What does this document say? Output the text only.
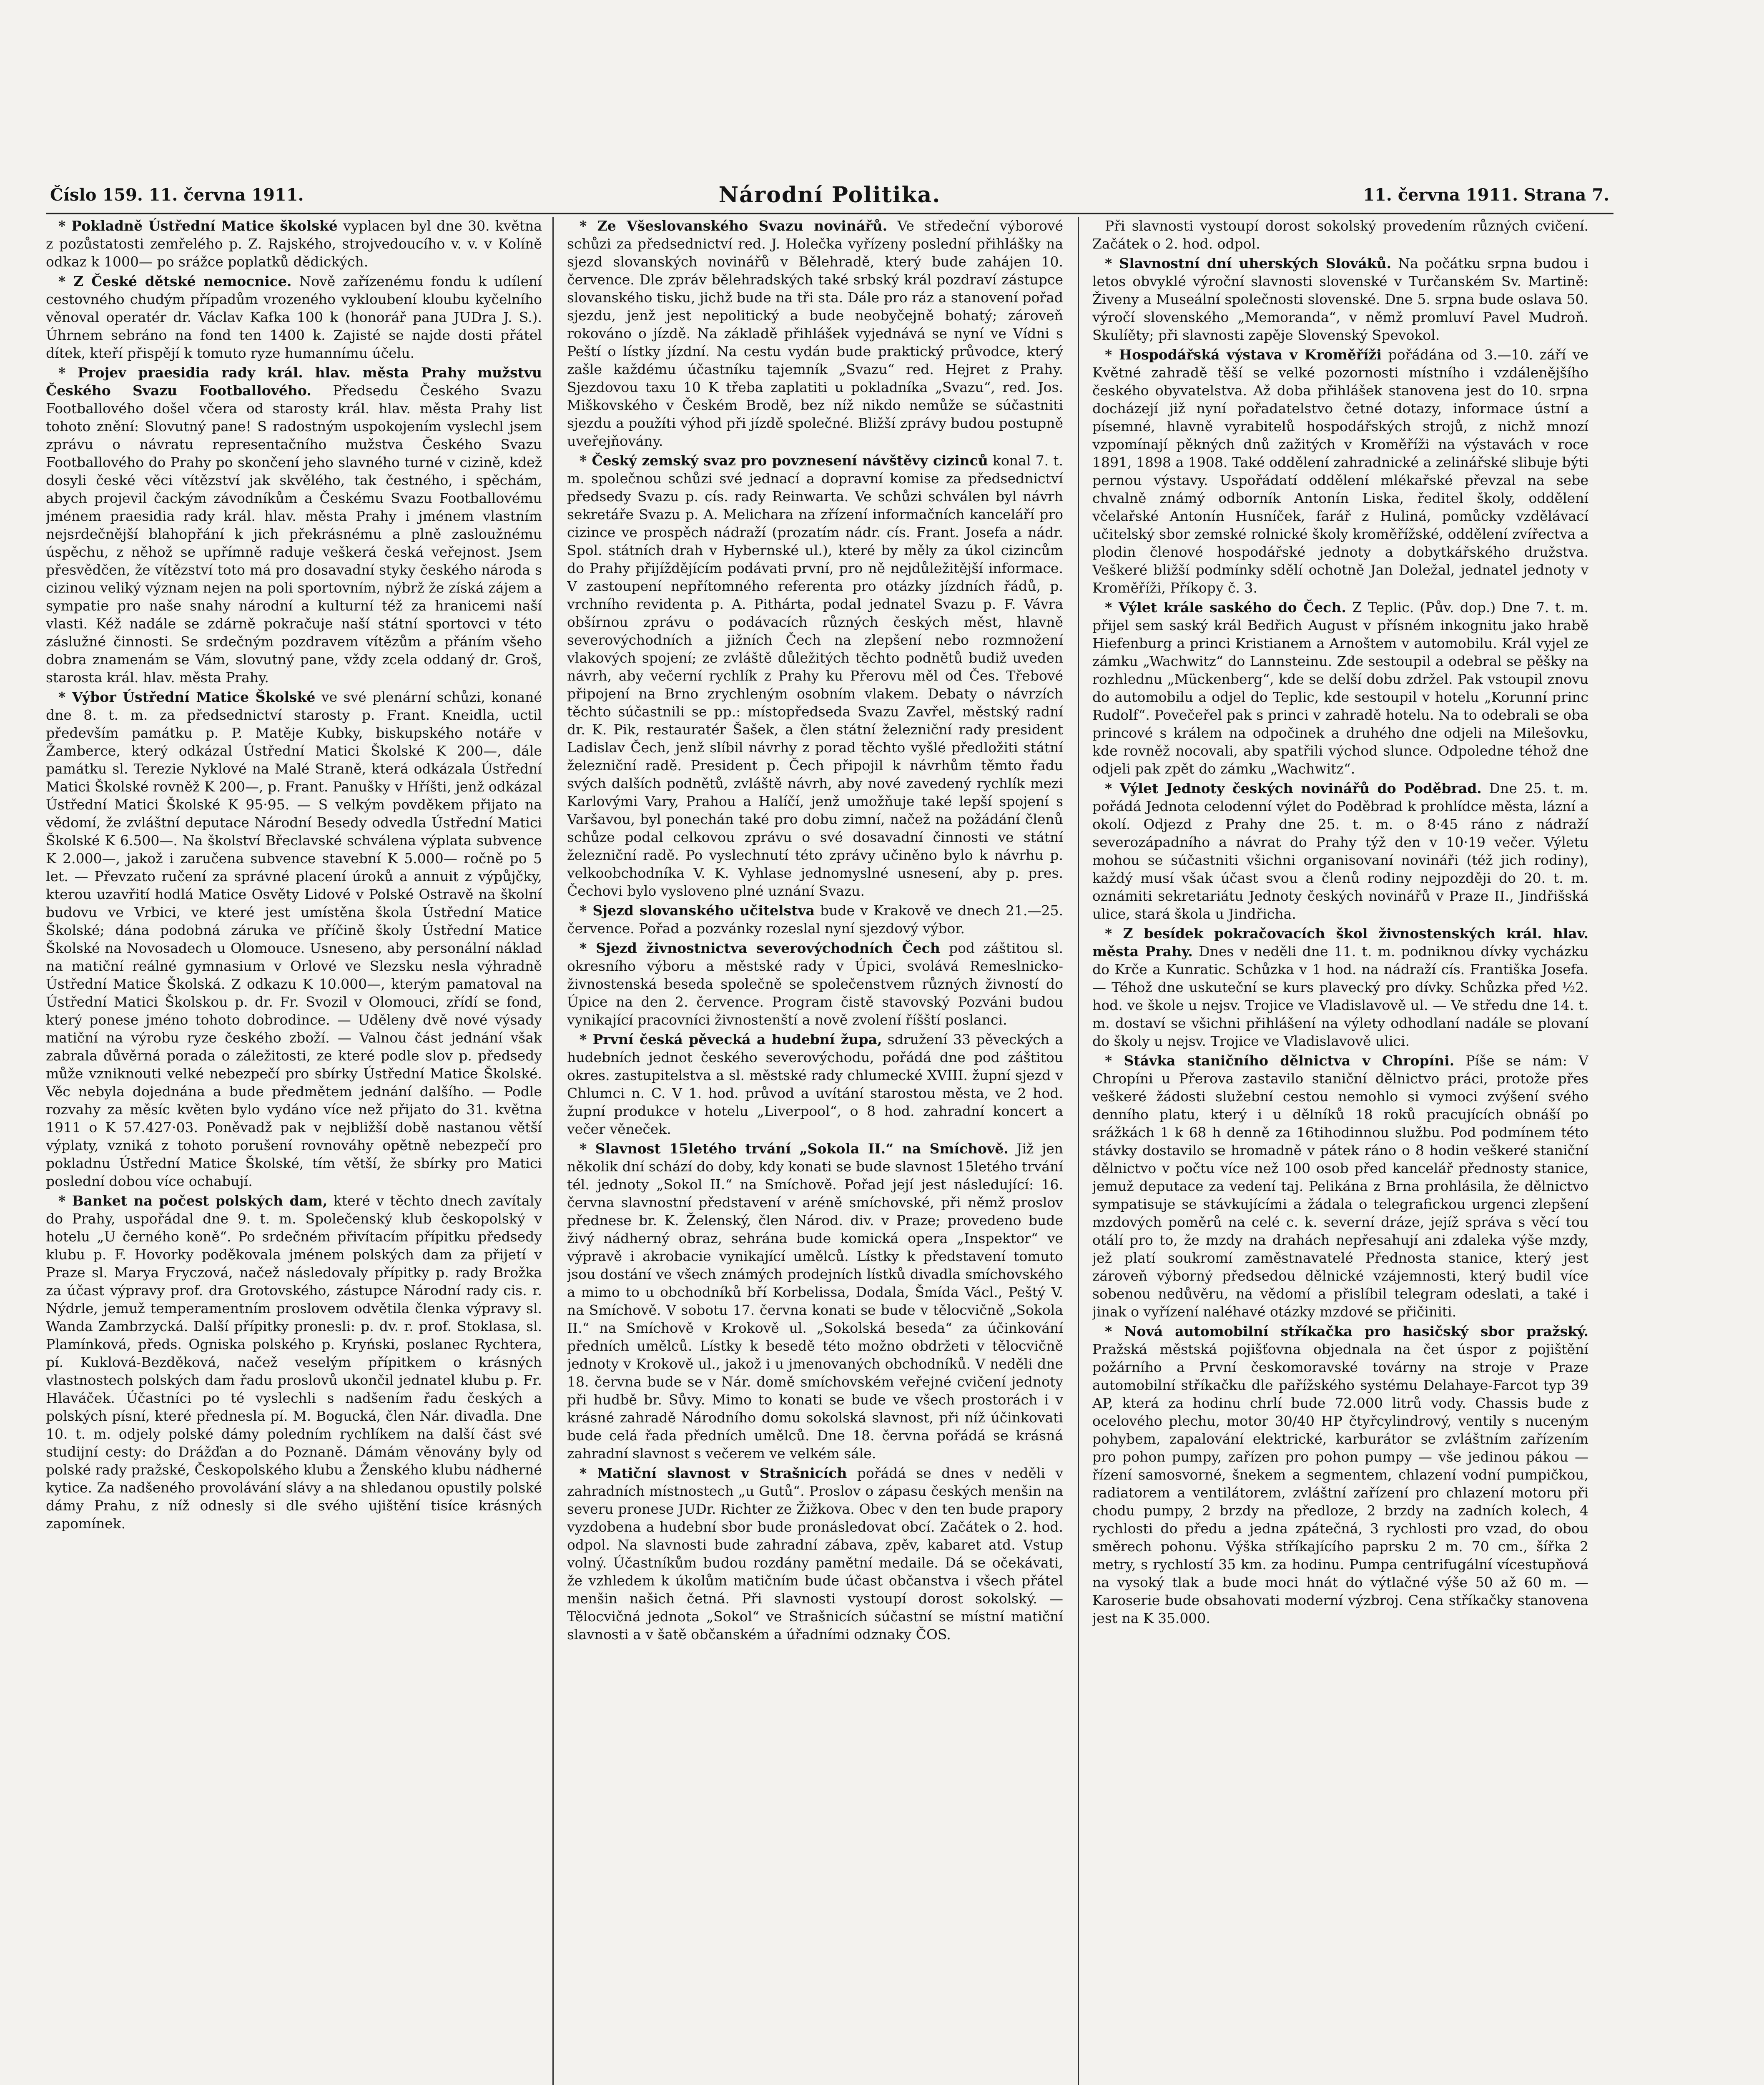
Číslo 159. 11. června 1911.	Národní Politika.	11. června 1911. Strana 7.

* Pokladně Ústřední Matice školské vyplacen byl dne 30. května z pozůstatosti zemřelého p. Z. Rajského, strojvedoucího v. v. v Kolíně odkaz k 1000— po srážce poplatků dědických.

* Z České dětské nemocnice. Nově zařízenému fondu k udílení cestovného chudým případům vrozeného vykloubení kloubu kyčelního věnoval operatér dr. Václav Kafka 100 k (honorář pana JUDra J. S.). Úhrnem sebráno na fond ten 1400 k. Zajisté se najde dosti přátel dítek, kteří přispějí k tomuto ryze humannímu účelu.

* Projev praesidia rady král. hlav. města Prahy mužstvu Českého Svazu Footballového. Předsedu Českého Svazu Footballového došel včera od starosty král. hlav. města Prahy list tohoto znění: Slovutný pane! S radostným uspokojením vyslechl jsem zprávu o návratu representačního mužstva Českého Svazu Footballového do Prahy po skončení jeho slavného turné v cizině, kdež dosyli české věci vítězství jak skvělého, tak čestného, i spěchám, abych projevil čackým závodníkům a Českému Svazu Footballovému jménem praesidia rady král. hlav. města Prahy i jménem vlastním nejsrdečnější blahopřání k jich překrásnému a plně zasloužnému úspěchu, z něhož se upřímně raduje veškerá česká veřejnost. Jsem přesvědčen, že vítězství toto má pro dosavadní styky českého národa s cizinou veliký význam nejen na poli sportovním, nýbrž že získá zájem a sympatie pro naše snahy národní a kulturní též za hranicemi naší vlasti. Kéž nadále se zdárně pokračuje naší státní sportovci v této záslužné činnosti. Se srdečným pozdravem vítězům a přáním všeho dobra znamenám se Vám, slovutný pane, vždy zcela oddaný dr. Groš, starosta král. hlav. města Prahy.

* Výbor Ústřední Matice Školské ve své plenární schůzi, konané dne 8. t. m. za předsednictví starosty p. Frant. Kneidla, uctil především památku p. P. Matěje Kubky, biskupského notáře v Žamberce, který odkázal Ústřední Matici Školské K 200—, dále památku sl. Terezie Nyklové na Malé Straně, která odkázala Ústřední Matici Školské rovněž K 200—, p. Frant. Panušky v Hříšti, jenž odkázal Ústřední Matici Školské K 95·95. — S velkým povděkem přijato na vědomí, že zvláštní deputace Národní Besedy odvedla Ústřední Matici Školské K 6.500—. Na školství Břeclavské schválena výplata subvence K 2.000—, jakož i zaručena subvence stavební K 5.000— ročně po 5 let. — Převzato ručení za správné placení úroků a annuit z výpůjčky, kterou uzavřití hodlá Matice Osvěty Lidové v Polské Ostravě na školní budovu ve Vrbici, ve které jest umístěna škola Ústřední Matice Školské; dána podobná záruka ve příčině školy Ústřední Matice Školské na Novosadech u Olomouce. Usneseno, aby personální náklad na matiční reálné gymnasium v Orlové ve Slezsku nesla výhradně Ústřední Matice Školská. Z odkazu K 10.000—, kterým pamatoval na Ústřední Matici Školskou p. dr. Fr. Svozil v Olomouci, zřídí se fond, který ponese jméno tohoto dobrodince. — Uděleny dvě nové výsady matiční na výrobu ryze českého zboží. — Valnou část jednání však zabrala důvěrná porada o záležitosti, ze které podle slov p. předsedy může vzniknouti velké nebezpečí pro sbírky Ústřední Matice Školské. Věc nebyla dojednána a bude předmětem jednání dalšího. — Podle rozvahy za měsíc květen bylo vydáno více než přijato do 31. května 1911 o K 57.427·03. Poněvadž pak v nejbližší době nastanou větší výplaty, vzniká z tohoto porušení rovnováhy opětně nebezpečí pro pokladnu Ústřední Matice Školské, tím větší, že sbírky pro Matici poslední dobou více ochabují.

* Banket na počest polských dam, které v těchto dnech zavítaly do Prahy, uspořádal dne 9. t. m. Společenský klub českopolský v hotelu „U černého koně“. Po srdečném přivítacím přípitku předsedy klubu p. F. Hovorky poděkovala jménem polských dam za přijetí v Praze sl. Marya Fryczová, načež následovaly přípitky p. rady Brožka za účast výpravy prof. dra Grotovského, zástupce Národní rady cis. r. Nýdrle, jemuž temperamentním proslovem odvětila členka výpravy sl. Wanda Zambrzycká. Další přípitky pronesli: p. dv. r. prof. Stoklasa, sl. Plamínková, předs. Ogniska polského p. Kryński, poslanec Rychtera, pí. Kuklová-Bezděková, načež veselým přípitkem o krásných vlastnostech polských dam řadu proslovů ukončil jednatel klubu p. Fr. Hlaváček. Účastníci po té vyslechli s nadšením řadu českých a polských písní, které přednesla pí. M. Bogucká, člen Nár. divadla. Dne 10. t. m. odjely polské dámy poledním rychlíkem na další část své studijní cesty: do Drážďan a do Poznaně. Dámám věnovány byly od polské rady pražské, Českopolského klubu a Ženského klubu nádherné kytice. Za nadšeného provolávání slávy a na shledanou opustily polské dámy Prahu, z níž odnesly si dle svého ujištění tisíce krásných zapomínek.

* Ze Všeslovanského Svazu novinářů. Ve středeční výborové schůzi za předsednictví red. J. Holečka vyřízeny poslední přihlášky na sjezd slovanských novinářů v Bělehradě, který bude zahájen 10. července. Dle zpráv bělehradských také srbský král pozdraví zástupce slovanského tisku, jichž bude na tři sta. Dále pro ráz a stanovení pořad sjezdu, jenž jest nepolitický a bude neobyčejně bohatý; zároveň rokováno o jízdě. Na základě přihlášek vyjednává se nyní ve Vídni s Peští o lístky jízdní. Na cestu vydán bude praktický průvodce, který zašle každému účastníku tajemník „Svazu“ red. Hejret z Prahy. Sjezdovou taxu 10 K třeba zaplatiti u pokladníka „Svazu“, red. Jos. Miškovského v Českém Brodě, bez níž nikdo nemůže se súčastniti sjezdu a použíti výhod při jízdě společné. Bližší zprávy budou postupně uveřejňovány.

* Český zemský svaz pro povznesení návštěvy cizinců konal 7. t. m. společnou schůzi své jednací a dopravní komise za předsednictví předsedy Svazu p. cís. rady Reinwarta. Ve schůzi schválen byl návrh sekretáře Svazu p. A. Melichara na zřízení informačních kanceláří pro cizince ve prospěch nádraží (prozatím nádr. cís. Frant. Josefa a nádr. Spol. státních drah v Hybernské ul.), které by měly za úkol cizincům do Prahy přijíždějícím podávati první, pro ně nejdůležitější informace. V zastoupení nepřítomného referenta pro otázky jízdních řádů, p. vrchního revidenta p. A. Pithárta, podal jednatel Svazu p. F. Vávra obšírnou zprávu o podávacích různých českých měst, hlavně severovýchodních a jižních Čech na zlepšení nebo rozmnožení vlakových spojení; ze zvláště důležitých těchto podnětů budiž uveden návrh, aby večerní rychlík z Prahy ku Přerovu měl od Čes. Třebové připojení na Brno zrychleným osobním vlakem. Debaty o návrzích těchto súčastnili se pp.: místopředseda Svazu Zavřel, městský radní dr. K. Pik, restauratér Šašek, a člen státní železniční rady president Ladislav Čech, jenž slíbil návrhy z porad těchto vyšlé předložiti státní železniční radě. President p. Čech připojil k návrhům těmto řadu svých dalších podnětů, zvláště návrh, aby nové zavedený rychlík mezi Karlovými Vary, Prahou a Halíčí, jenž umožňuje také lepší spojení s Varšavou, byl ponechán také pro dobu zimní, načež na požádání členů schůze podal celkovou zprávu o své dosavadní činnosti ve státní železniční radě. Po vyslechnutí této zprávy učiněno bylo k návrhu p. velkoobchodníka V. K. Vyhlase jednomyslné usnesení, aby p. pres. Čechovi bylo vysloveno plné uznání Svazu.

* Sjezd slovanského učitelstva bude v Krakově ve dnech 21.—25. července. Pořad a pozvánky rozeslal nyní sjezdový výbor.

* Sjezd živnostnictva severovýchodních Čech pod záštitou sl. okresního výboru a městské rady v Úpici, svolává Remeslnicko-živnostenská beseda společně se společenstvem různých živností do Úpice na den 2. července. Program čistě stavovský Pozváni budou vynikající pracovníci živnostenští a nově zvolení říšští poslanci.

* První česká pěvecká a hudební župa, sdružení 33 pěveckých a hudebních jednot českého severovýchodu, pořádá dne pod záštitou okres. zastupitelstva a sl. městské rady chlumecké XVIII. župní sjezd v Chlumci n. C. V 1. hod. průvod a uvítání starostou města, ve 2 hod. župní produkce v hotelu „Liverpool“, o 8 hod. zahradní koncert a večer věneček.

* Slavnost 15letého trvání „Sokola II.“ na Smíchově. Již jen několik dní schází do doby, kdy konati se bude slavnost 15letého trvání tél. jednoty „Sokol II.“ na Smíchově. Pořad její jest následující: 16. června slavnostní představení v aréně smíchovské, při němž proslov přednese br. K. Želenský, člen Národ. div. v Praze; provedeno bude živý nádherný obraz, sehrána bude komická opera „Inspektor“ ve výpravě i akrobacie vynikající umělců. Lístky k představení tomuto jsou dostání ve všech známých prodejních lístků divadla smíchovského a mimo to u obchodníků bří Korbelissa, Dodala, Šmída Václ., Peštý V. na Smíchově. V sobotu 17. června konati se bude v tělocvičně „Sokola II.“ na Smíchově v Krokově ul. „Sokolská beseda“ za účinkování předních umělců. Lístky k besedě této možno obdržeti v tělocvičně jednoty v Krokově ul., jakož i u jmenovaných obchodníků. V neděli dne 18. června bude se v Nár. domě smíchovském veřejné cvičení jednoty při hudbě br. Sůvy. Mimo to konati se bude ve všech prostorách i v krásné zahradě Národního domu sokolská slavnost, při níž účinkovati bude celá řada předních umělců. Dne 18. června pořádá se krásná zahradní slavnost s večerem ve velkém sále.

* Matiční slavnost v Strašnicích pořádá se dnes v neděli v zahradních místnostech „u Gutů“. Proslov o zápasu českých menšin na severu pronese JUDr. Richter ze Žižkova. Obec v den ten bude prapory vyzdobena a hudební sbor bude pronásledovat obcí. Začátek o 2. hod. odpol. Na slavnosti bude zahradní zábava, zpěv, kabaret atd. Vstup volný. Účastníkům budou rozdány pamětní medaile. Dá se očekávati, že vzhledem k úkolům matičním bude účast občanstva i všech přátel menšin našich četná. Při slavnosti vystoupí dorost sokolský. — Tělocvičná jednota „Sokol“ ve Strašnicích súčastní se místní matiční slavnosti a v šatě občanském a úřadními odznaky ČOS.

Při slavnosti vystoupí dorost sokolský provedením různých cvičení. Začátek o 2. hod. odpol.

* Slavnostní dní uherských Slováků. Na počátku srpna budou i letos obvyklé výroční slavnosti slovenské v Turčanském Sv. Martině: Živeny a Museální společnosti slovenské. Dne 5. srpna bude oslava 50. výročí slovenského „Memoranda“, v němž promluví Pavel Mudroň. Skulíěty; při slavnosti zapěje Slovenský Spevokol.

* Hospodářská výstava v Kroměříži pořádána od 3.—10. září ve Květné zahradě těší se velké pozornosti místního i vzdálenějšího českého obyvatelstva. Až doba přihlášek stanovena jest do 10. srpna docházejí již nyní pořadatelstvo četné dotazy, informace ústní a písemné, hlavně vyrabitelů hospodářských strojů, z nichž mnozí vzpomínají pěkných dnů zažitých v Kroměříži na výstavách v roce 1891, 1898 a 1908. Také oddělení zahradnické a zelinářské slibuje býti pernou výstavy. Uspořádatí oddělení mlékařské převzal na sebe chvalně známý odborník Antonín Liska, ředitel školy, oddělení včelařské Antonín Husníček, farář z Huliná, pomůcky vzdělávací učitelský sbor zemské rolnické školy kroměřížské, oddělení zvířectva a plodin členové hospodářské jednoty a dobytkářského družstva. Veškeré bližší podmínky sdělí ochotně Jan Doležal, jednatel jednoty v Kroměříži, Příkopy č. 3.

* Výlet krále saského do Čech. Z Teplic. (Pův. dop.) Dne 7. t. m. přijel sem saský král Bedřich August v přísném inkognitu jako hrabě Hiefenburg a princi Kristianem a Arnoštem v automobilu. Král vyjel ze zámku „Wachwitz“ do Lannsteinu. Zde sestoupil a odebral se pěšky na rozhlednu „Mückenberg“, kde se delší dobu zdržel. Pak vstoupil znovu do automobilu a odjel do Teplic, kde sestoupil v hotelu „Korunní princ Rudolf“. Povečeřel pak s princi v zahradě hotelu. Na to odebrali se oba princové s králem na odpočinek a druhého dne odjeli na Milešovku, kde rovněž nocovali, aby spatřili východ slunce. Odpoledne téhož dne odjeli pak zpět do zámku „Wachwitz“.

* Výlet Jednoty českých novinářů do Poděbrad. Dne 25. t. m. pořádá Jednota celodenní výlet do Poděbrad k prohlídce města, lázní a okolí. Odjezd z Prahy dne 25. t. m. o 8·45 ráno z nádraží severozápadního a návrat do Prahy týž den v 10·19 večer. Výletu mohou se súčastniti všichni organisovaní novináři (též jich rodiny), každý musí však účast svou a členů rodiny nejpozději do 20. t. m. oznámiti sekretariátu Jednoty českých novinářů v Praze II., Jindřišská ulice, stará škola u Jindřicha.

* Z besídek pokračovacích škol živnostenských král. hlav. města Prahy. Dnes v neděli dne 11. t. m. podniknou dívky vycházku do Krče a Kunratic. Schůzka v 1 hod. na nádraží cís. Františka Josefa. — Téhož dne uskuteční se kurs plavecký pro dívky. Schůzka před ½2. hod. ve škole u nejsv. Trojice ve Vladislavově ul. — Ve středu dne 14. t. m. dostaví se všichni přihlášení na výlety odhodlaní nadále se plovaní do školy u nejsv. Trojice ve Vladislavově ulici.

* Stávka staničního dělnictva v Chropíni. Píše se nám: V Chropíni u Přerova zastavilo staniční dělnictvo práci, protože přes veškeré žádosti služební cestou nemohlo si vymoci zvýšení svého denního platu, který i u dělníků 18 roků pracujících obnáší po srážkách 1 k 68 h denně za 16tihodinnou službu. Pod podmínem této stávky dostavilo se hromadně v pátek ráno o 8 hodin veškeré staniční dělnictvo v počtu více než 100 osob před kancelář přednosty stanice, jemuž deputace za vedení taj. Pelikána z Brna prohlásila, že dělnictvo sympatisuje se stávkujícími a žádala o telegrafickou urgenci zlepšení mzdových poměrů na celé c. k. severní dráze, jejíž správa s věcí tou otálí pro to, že mzdy na drahách nepřesahují ani zdaleka výše mzdy, jež platí soukromí zaměstnavatelé Přednosta stanice, který jest zároveň výborný předsedou dělnické vzájemnosti, který budil více sobenou nedůvěru, na vědomí a přislíbil telegram odeslati, a také i jinak o vyřízení naléhavé otázky mzdové se přičiniti.

* Nová automobilní stříkačka pro hasičský sbor pražský. Pražská městská pojišťovna objednala na čet úspor z pojištění požárního a První českomoravské továrny na stroje v Praze automobilní stříkačku dle pařížského systému Delahaye-Farcot typ 39 AP, která za hodinu chrlí bude 72.000 litrů vody. Chassis bude z ocelového plechu, motor 30/40 HP čtyřcylindrový, ventily s nuceným pohybem, zapalování elektrické, karburátor se zvláštním zařízením pro pohon pumpy, zařízen pro pohon pumpy — vše jedinou pákou — řízení samosvorné, šnekem a segmentem, chlazení vodní pumpičkou, radiatorem a ventilátorem, zvláštní zařízení pro chlazení motoru při chodu pumpy, 2 brzdy na předloze, 2 brzdy na zadních kolech, 4 rychlosti do předu a jedna zpátečná, 3 rychlosti pro vzad, do obou směrech pohonu. Výška stříkajícího paprsku 2 m. 70 cm., šířka 2 metry, s rychlostí 35 km. za hodinu. Pumpa centrifugální vícestupňová na vysoký tlak a bude moci hnát do výtlačné výše 50 až 60 m. — Karoserie bude obsahovati moderní výzbroj. Cena stříkačky stanovena jest na K 35.000.
